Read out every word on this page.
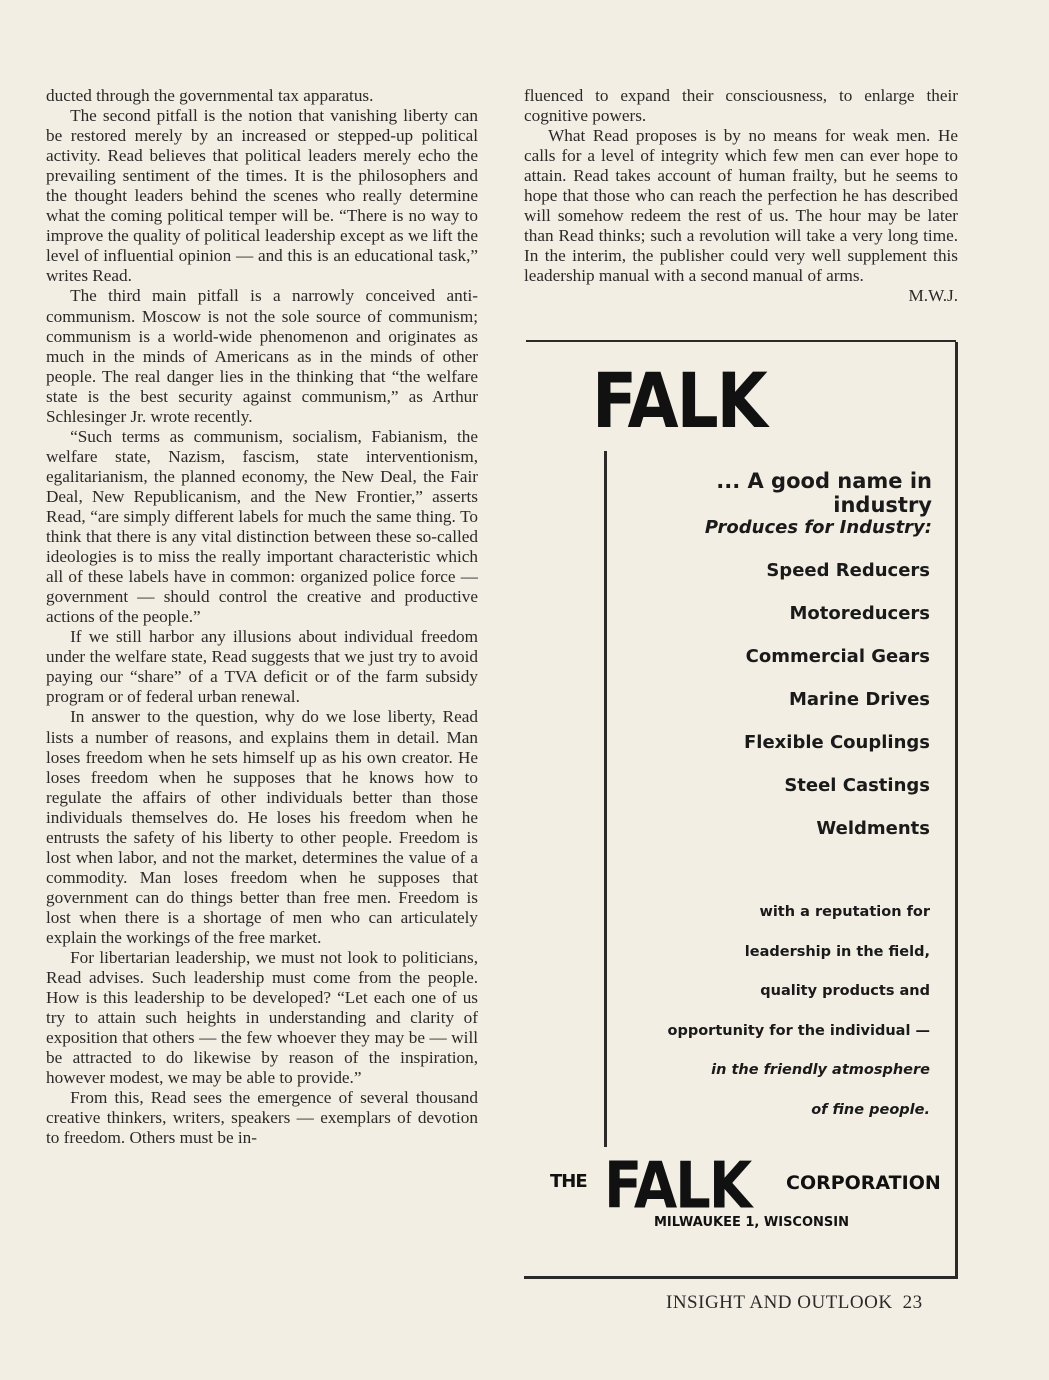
ducted through the governmental tax apparatus.

The second pitfall is the notion that vanishing liberty can be restored merely by an increased or stepped-up political activity. Read believes that political leaders merely echo the prevailing sentiment of the times. It is the philosophers and the thought leaders behind the scenes who really determine what the coming political temper will be. “There is no way to improve the quality of political leadership except as we lift the level of influential opinion — and this is an educational task,” writes Read.

The third main pitfall is a narrowly conceived anti-communism. Moscow is not the sole source of communism; communism is a world-wide phenomenon and originates as much in the minds of Americans as in the minds of other people. The real danger lies in the thinking that “the welfare state is the best security against communism,” as Arthur Schlesinger Jr. wrote recently.

“Such terms as communism, socialism, Fabianism, the welfare state, Nazism, fascism, state interventionism, egalitarianism, the planned economy, the New Deal, the Fair Deal, New Republicanism, and the New Frontier,” asserts Read, “are simply different labels for much the same thing. To think that there is any vital distinction between these so-called ideologies is to miss the really important characteristic which all of these labels have in common: organized police force — government — should control the creative and productive actions of the people.”

If we still harbor any illusions about individual freedom under the welfare state, Read suggests that we just try to avoid paying our “share” of a TVA deficit or of the farm subsidy program or of federal urban renewal.

In answer to the question, why do we lose liberty, Read lists a number of reasons, and explains them in detail. Man loses freedom when he sets himself up as his own creator. He loses freedom when he supposes that he knows how to regulate the affairs of other individuals better than those individuals themselves do. He loses his freedom when he entrusts the safety of his liberty to other people. Freedom is lost when labor, and not the market, determines the value of a commodity. Man loses freedom when he supposes that government can do things better than free men. Freedom is lost when there is a shortage of men who can articulately explain the workings of the free market.

For libertarian leadership, we must not look to politicians, Read advises. Such leadership must come from the people. How is this leadership to be developed? “Let each one of us try to attain such heights in understanding and clarity of exposition that others — the few whoever they may be — will be attracted to do likewise by reason of the inspiration, however modest, we may be able to provide.”

From this, Read sees the emergence of several thousand creative thinkers, writers, speakers — exemplars of devotion to freedom. Others must be in-

fluenced to expand their consciousness, to enlarge their cognitive powers.

What Read proposes is by no means for weak men. He calls for a level of integrity which few men can ever hope to attain. Read takes account of human frailty, but he seems to hope that those who can reach the perfection he has described will somehow redeem the rest of us. The hour may be later than Read thinks; such a revolution will take a very long time. In the interim, the publisher could very well supplement this leadership manual with a second manual of arms.

M.W.J.

FALK
... A good name in industry
Produces for Industry:
Speed Reducers
Motoreducers
Commercial Gears
Marine Drives
Flexible Couplings
Steel Castings
Weldments
with a reputation for
leadership in the field,
quality products and
opportunity for the individual —
in the friendly atmosphere
of fine people.
THE FALK CORPORATION
MILWAUKEE 1, WISCONSIN
INSIGHT AND OUTLOOK 23
